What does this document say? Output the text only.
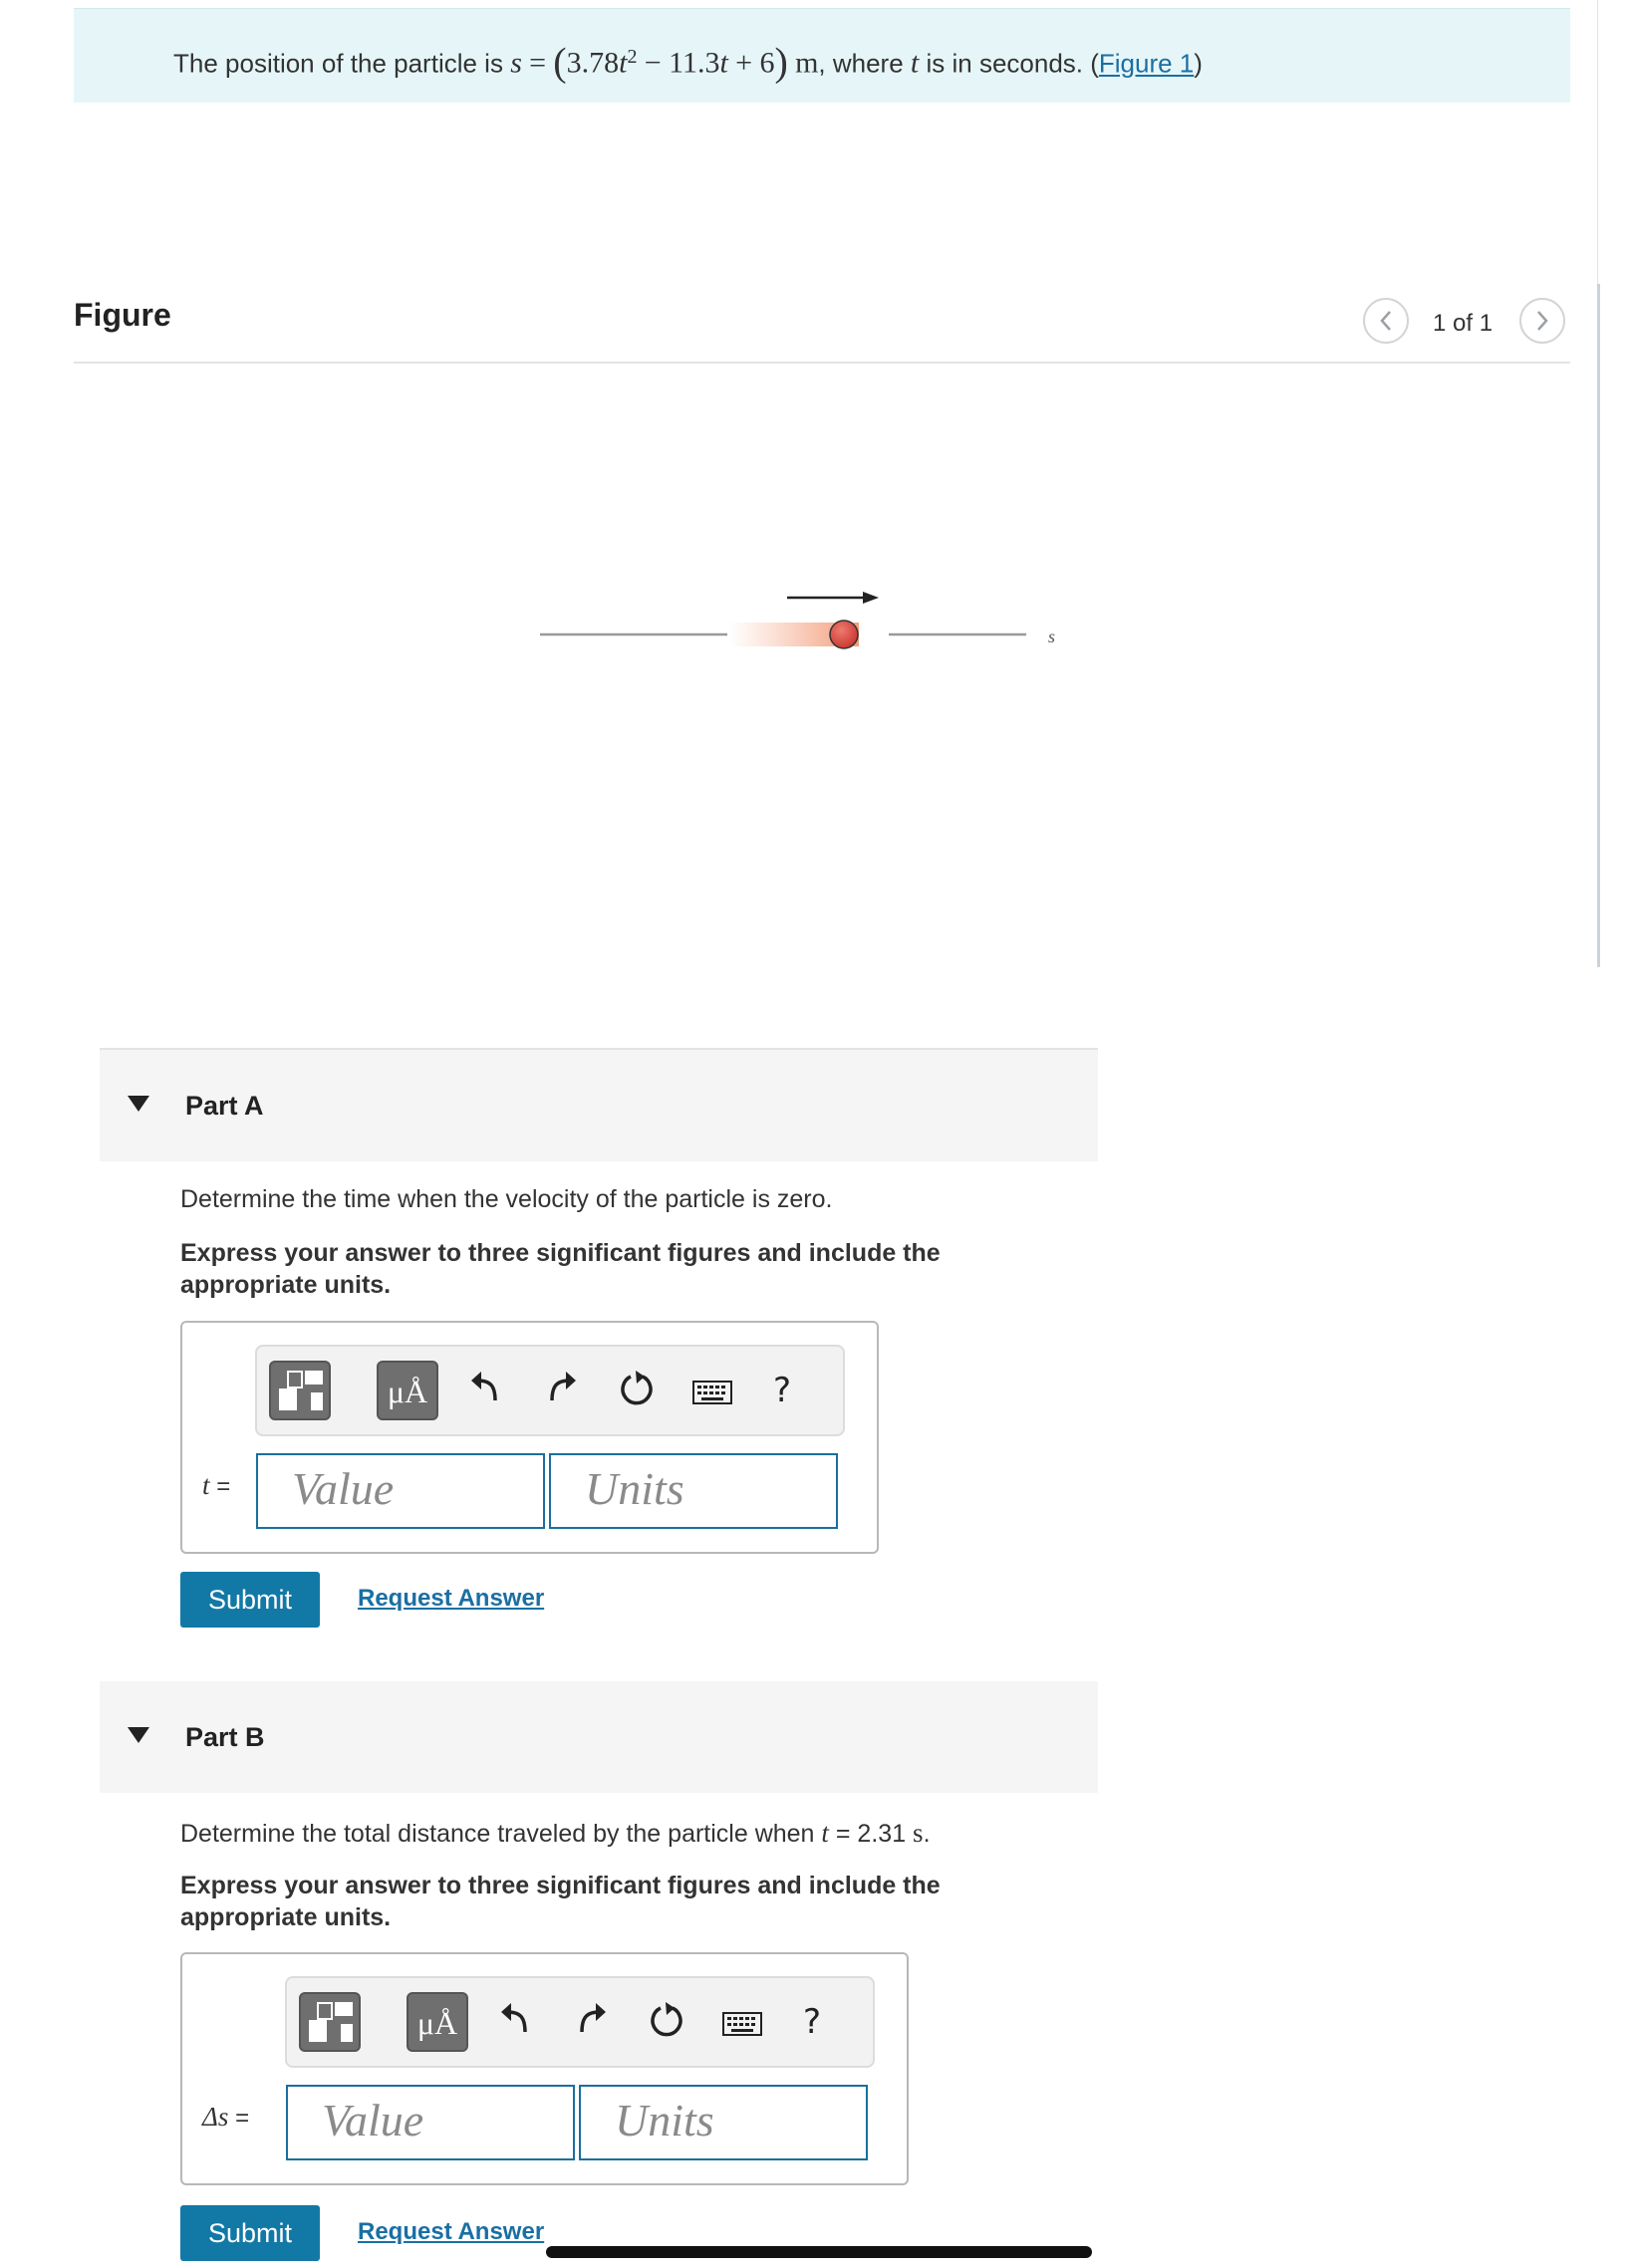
The position of the particle is $s = (3.78t^2 - 11.3t + 6)$ m, where t is in seconds. (Figure 1)
Figure	1 of 1
s
Part A
Determine the time when the velocity of the particle is zero.
Express your answer to three significant figures and include the appropriate units.
μÅ	?
t =	Value	Units
Submit	Request Answer
Part B
Determine the total distance traveled by the particle when t = 2.31 s.
Express your answer to three significant figures and include the appropriate units.
μÅ	?
Δs =	Value	Units
Submit	Request Answer
